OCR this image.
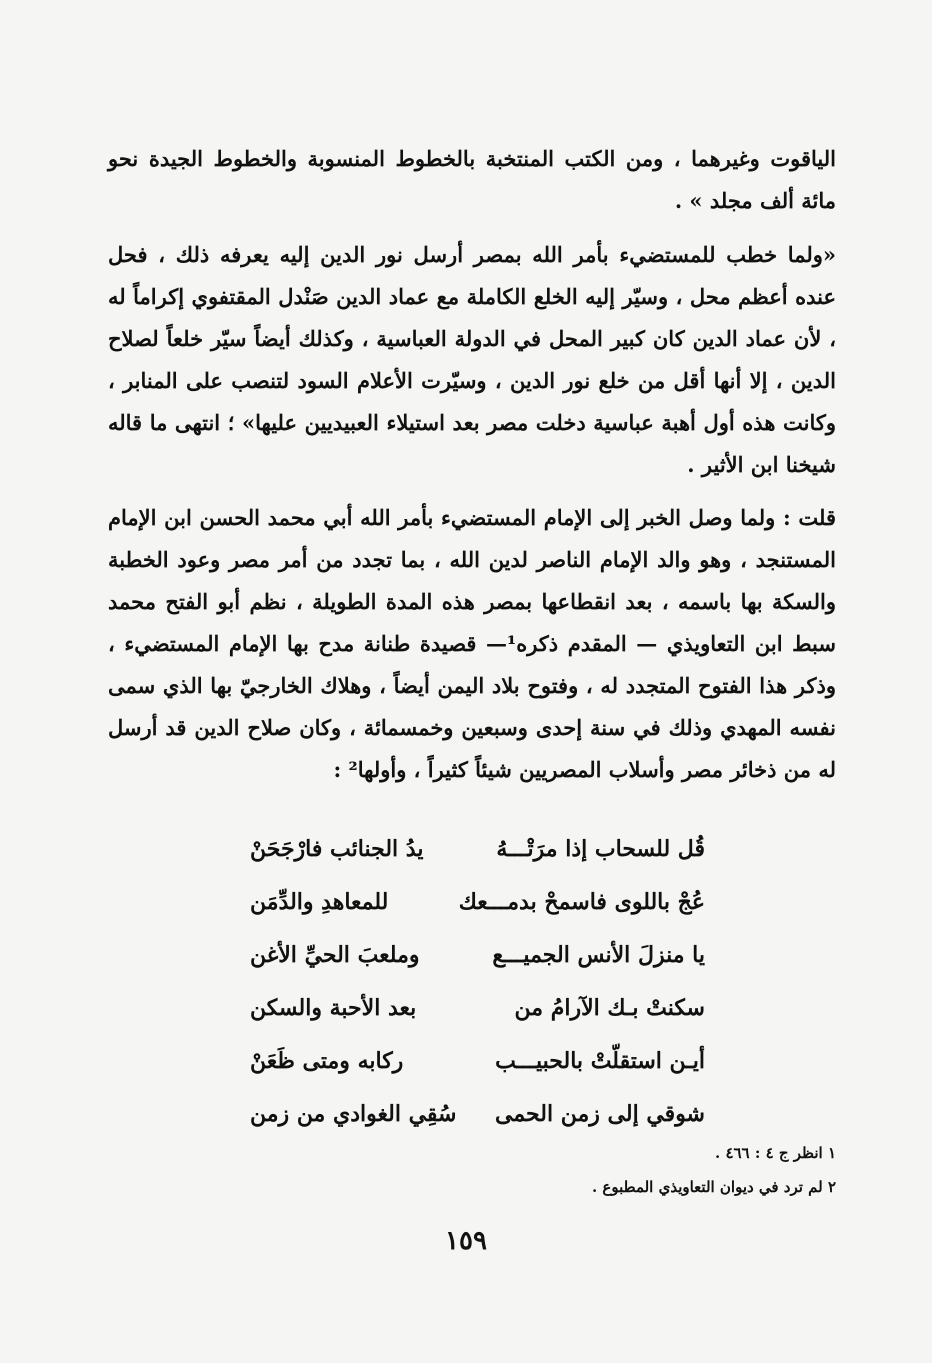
الياقوت وغيرهما ، ومن الكتب المنتخبة بالخطوط المنسوبة والخطوط الجيدة نحو مائة ألف مجلد » .

«ولما خطب للمستضيء بأمر الله بمصر أرسل نور الدين إليه يعرفه ذلك ، فحل عنده أعظم محل ، وسيّر إليه الخلع الكاملة مع عماد الدين صَنْدل المقتفوي إكراماً له ، لأن عماد الدين كان كبير المحل في الدولة العباسية ، وكذلك أيضاً سيّر خلعاً لصلاح الدين ، إلا أنها أقل من خلع نور الدين ، وسيّرت الأعلام السود لتنصب على المنابر ، وكانت هذه أول أهبة عباسية دخلت مصر بعد استيلاء العبيديين عليها» ؛ انتهى ما قاله شيخنا ابن الأثير .

قلت : ولما وصل الخبر إلى الإمام المستضيء بأمر الله أبي محمد الحسن ابن الإمام المستنجد ، وهو والد الإمام الناصر لدين الله ، بما تجدد من أمر مصر وعود الخطبة والسكة بها باسمه ، بعد انقطاعها بمصر هذه المدة الطويلة ، نظم أبو الفتح محمد سبط ابن التعاويذي — المقدم ذكره¹— قصيدة طنانة مدح بها الإمام المستضيء ، وذكر هذا الفتوح المتجدد له ، وفتوح بلاد اليمن أيضاً ، وهلاك الخارجيّ بها الذي سمى نفسه المهدي وذلك في سنة إحدى وسبعين وخمسمائة ، وكان صلاح الدين قد أرسل له من ذخائر مصر وأسلاب المصريين شيئاً كثيراً ، وأولها² :

قُل للسحاب إذا مرَتْـــهُ
يدُ الجنائب فارْجَحَنْ
عُجْ باللوى فاسمحْ بدمـــعك
للمعاهدِ والدِّمَن
يا منزلَ الأنس الجميـــع
وملعبَ الحيِّ الأغن
سكنتْ بـك الآرامُ من
بعد الأحبة والسكن
أيـن استقلّتْ بالحبيـــب
ركابه ومتى ظَعَنْ
شوقي إلى زمن الحمى
سُقِي الغوادي من زمن

١ انظر ج ٤ : ٤٦٦ .

٢ لم ترد في ديوان التعاويذي المطبوع .

١٥٩
